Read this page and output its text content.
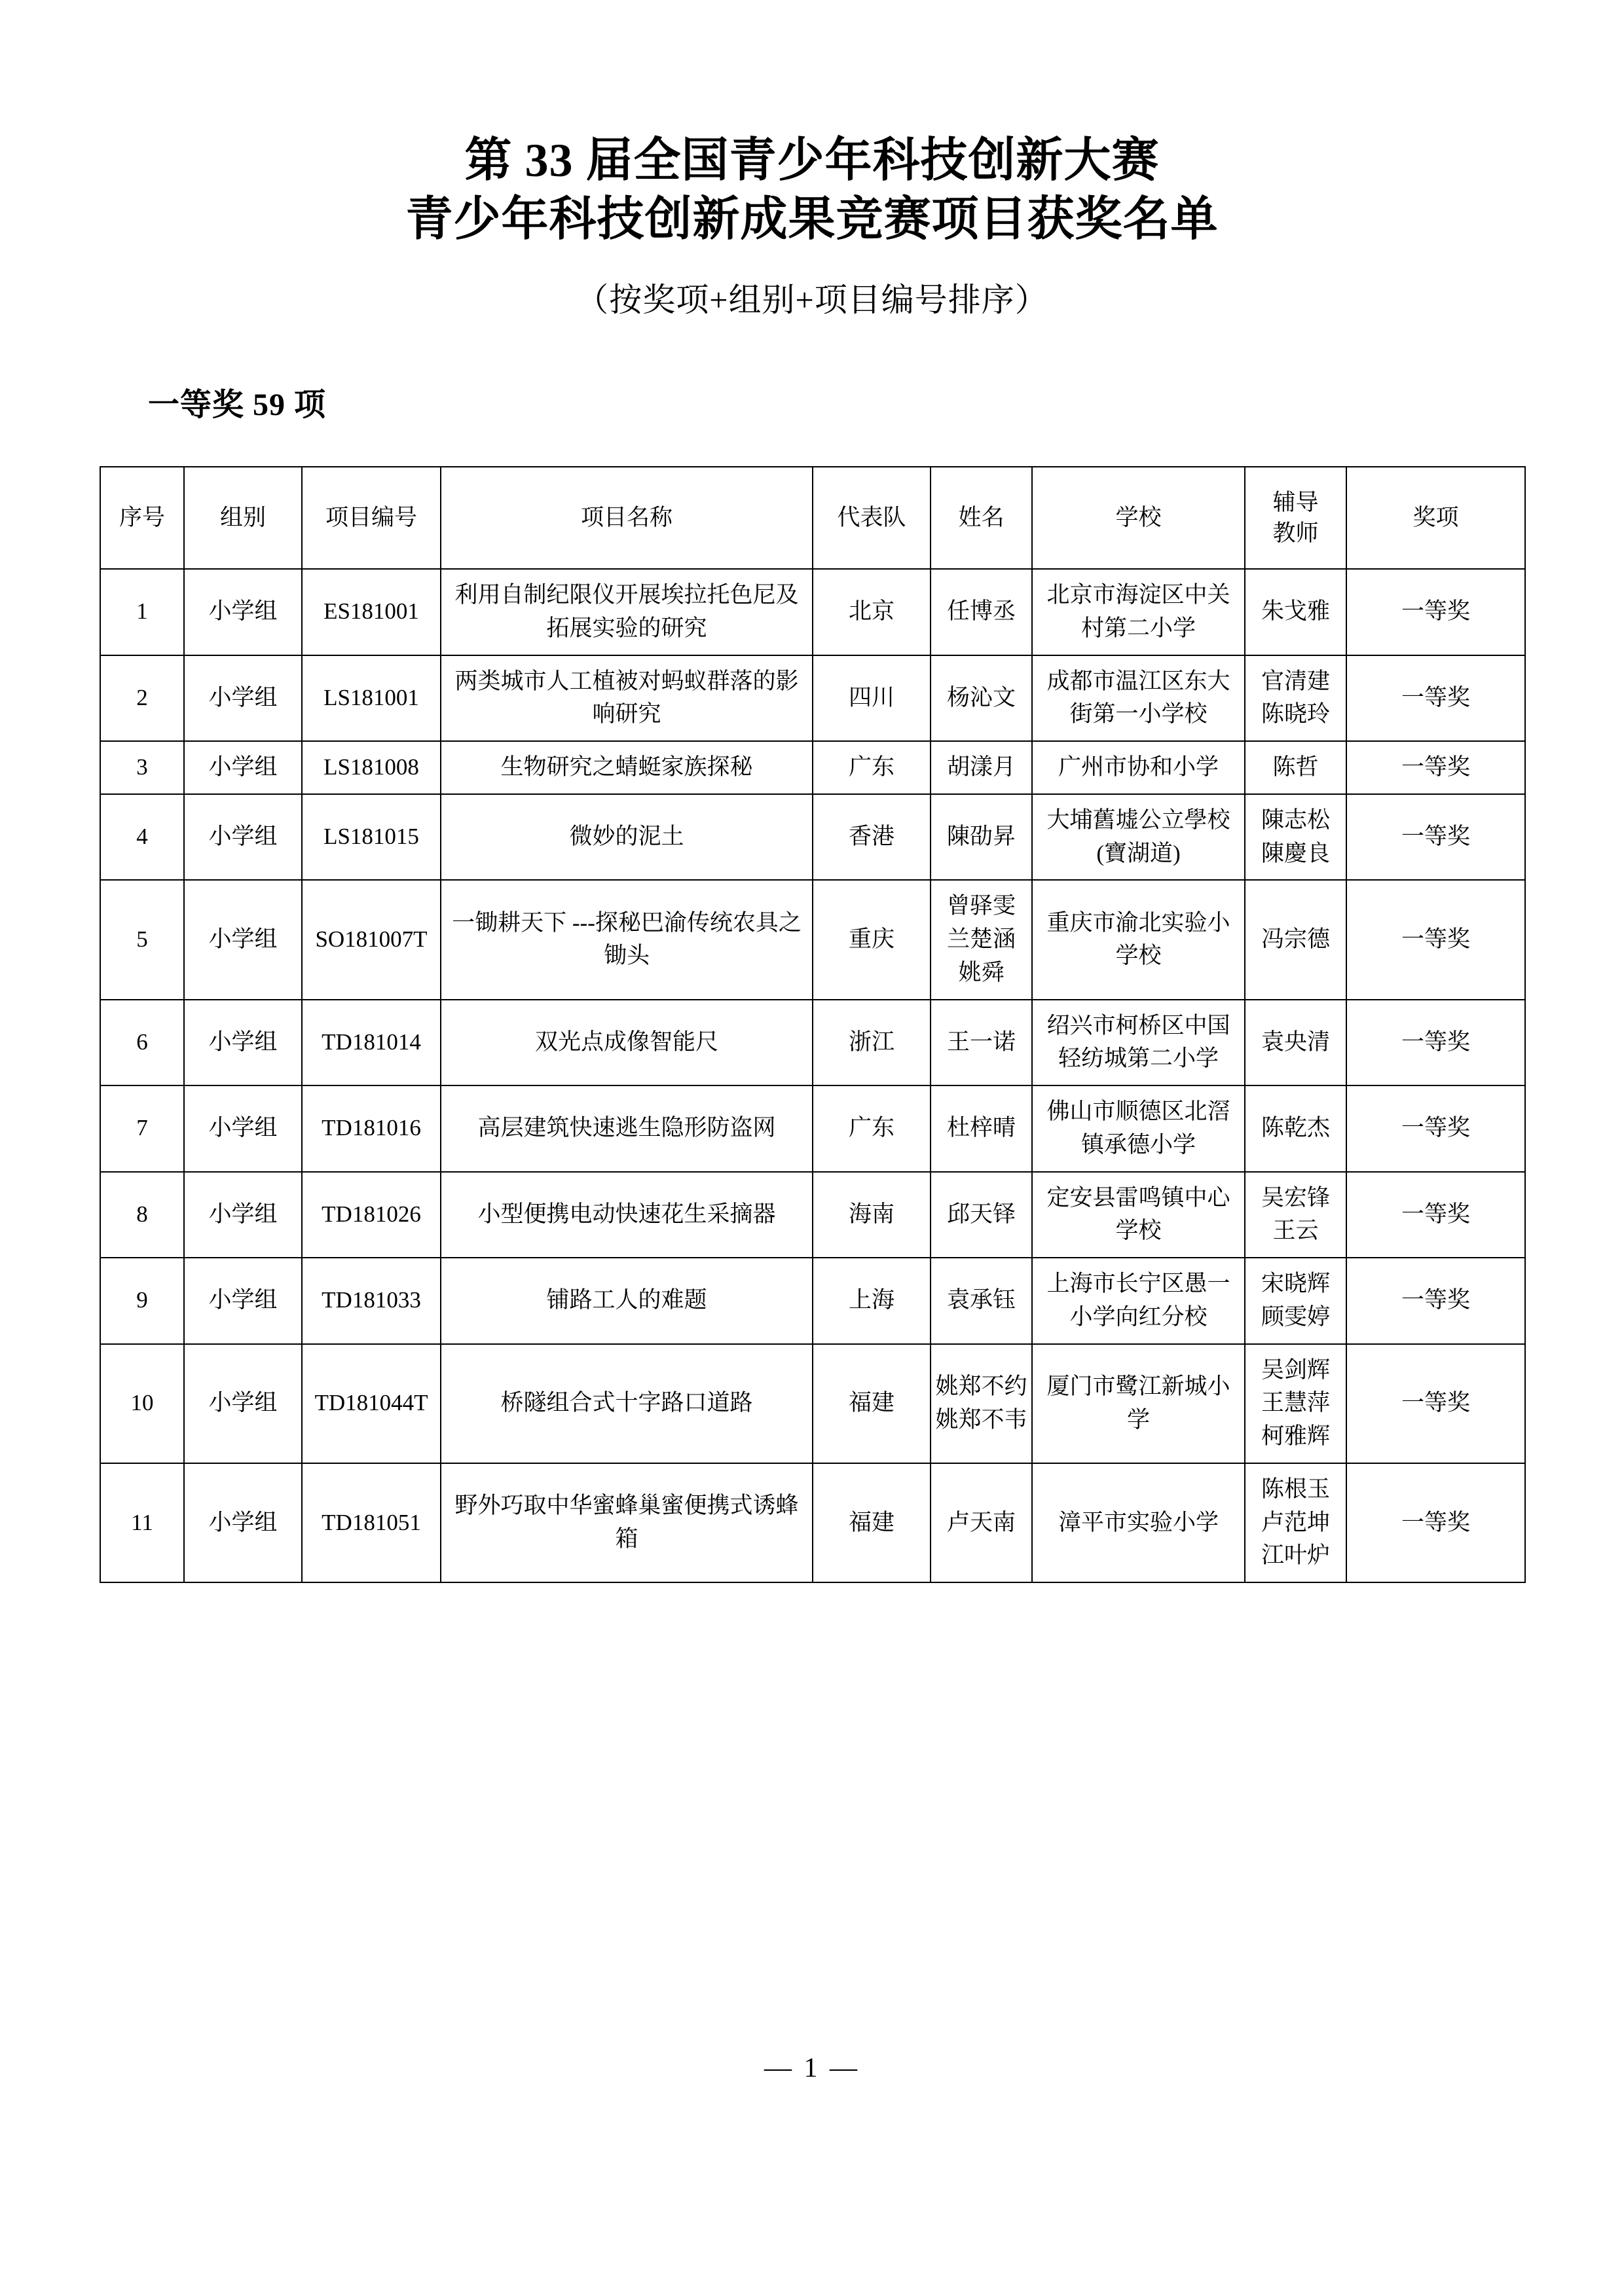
第 33 届全国青少年科技创新大赛
青少年科技创新成果竞赛项目获奖名单

（按奖项+组别+项目编号排序）

一等奖 59 项
序号	组别	项目编号	项目名称	代表队	姓名	学校	辅导
教师	奖项
1	小学组	ES181001	利用自制纪限仪开展埃拉托色尼及拓展实验的研究	北京	任博丞	北京市海淀区中关村第二小学	朱戈雅	一等奖
2	小学组	LS181001	两类城市人工植被对蚂蚁群落的影响研究	四川	杨沁文	成都市温江区东大街第一小学校	官清建 陈晓玲	一等奖
3	小学组	LS181008	生物研究之蜻蜓家族探秘	广东	胡漾月	广州市协和小学	陈哲	一等奖
4	小学组	LS181015	微妙的泥土	香港	陳劭昇	大埔舊墟公立學校(寶湖道)	陳志松 陳慶良	一等奖
5	小学组	SO181007T	一锄耕天下 ---探秘巴渝传统农具之锄头	重庆	曾驿雯 兰楚涵 姚舜	重庆市渝北实验小学校	冯宗德	一等奖
6	小学组	TD181014	双光点成像智能尺	浙江	王一诺	绍兴市柯桥区中国轻纺城第二小学	袁央清	一等奖
7	小学组	TD181016	高层建筑快速逃生隐形防盗网	广东	杜梓晴	佛山市顺德区北滘镇承德小学	陈乾杰	一等奖
8	小学组	TD181026	小型便携电动快速花生采摘器	海南	邱天铎	定安县雷鸣镇中心学校	吴宏锋 王云	一等奖
9	小学组	TD181033	铺路工人的难题	上海	袁承钰	上海市长宁区愚一小学向红分校	宋晓辉 顾雯婷	一等奖
10	小学组	TD181044T	桥隧组合式十字路口道路	福建	姚郑不约 姚郑不韦	厦门市鹭江新城小学	吴剑辉 王慧萍 柯雅辉	一等奖
11	小学组	TD181051	野外巧取中华蜜蜂巢蜜便携式诱蜂箱	福建	卢天南	漳平市实验小学	陈根玉 卢范坤 江叶炉	一等奖
— 1 —
